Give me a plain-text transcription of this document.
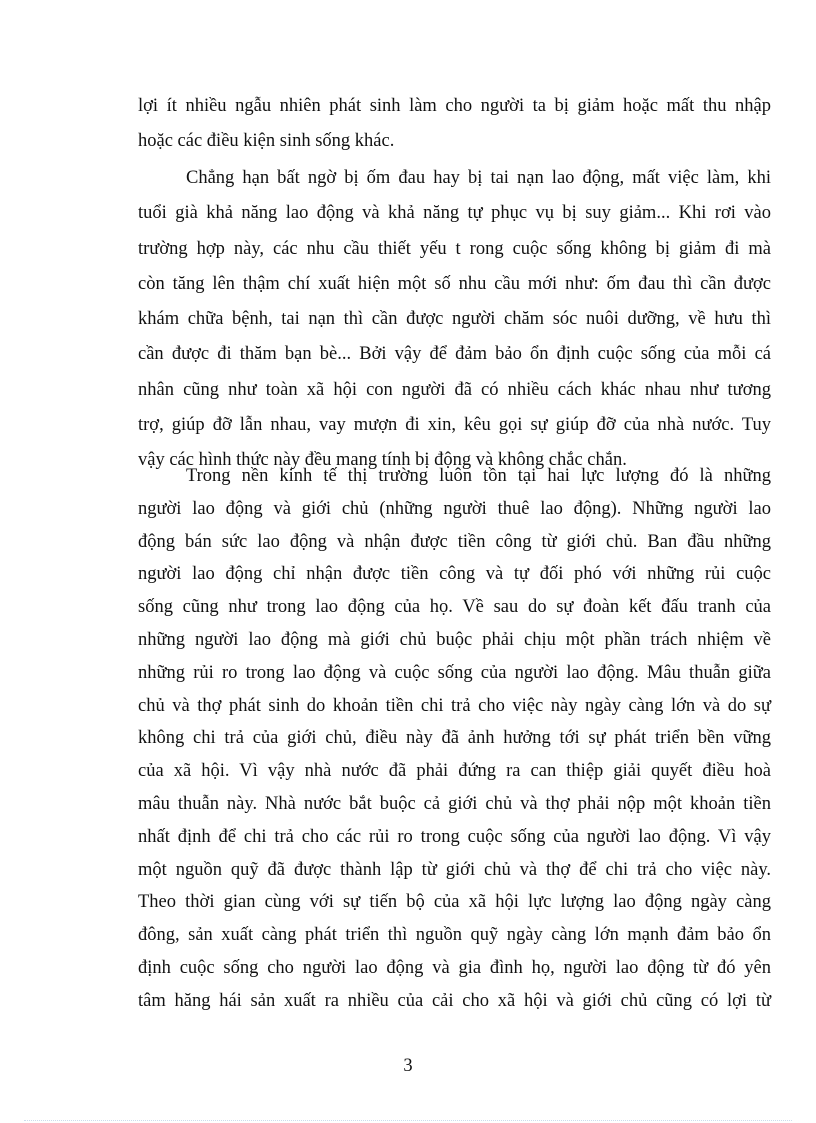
lợi ít nhiều ngẫu nhiên phát sinh làm cho người ta bị giảm hoặc mất thu nhập
hoặc các điều kiện sinh sống khác.
Chẳng hạn bất ngờ bị ốm đau hay bị tai nạn lao động, mất việc làm, khi
tuổi già khả năng lao động và khả năng tự phục vụ bị suy giảm... Khi rơi vào
trường hợp này, các nhu cầu thiết yếu t rong cuộc sống không bị giảm đi mà
còn tăng lên thậm chí xuất hiện một số nhu cầu mới như: ốm đau thì cần được
khám chữa bệnh, tai nạn thì cần được người chăm sóc nuôi dưỡng, về hưu thì
cần được đi thăm bạn bè... Bởi vậy để đảm bảo ổn định cuộc sống của mỗi cá
nhân cũng như toàn xã hội con người đã có nhiều cách khác nhau như tương
trợ, giúp đỡ lẫn nhau, vay mượn đi xin, kêu gọi sự giúp đỡ của nhà nước. Tuy
vậy các hình thức này đều mang tính bị động và không chắc chắn.
Trong nền kinh tế thị trường luôn tồn tại hai lực lượng đó là những
người lao động và giới chủ (những người thuê lao động). Những người lao
động bán sức lao động và nhận được tiền công từ giới chủ. Ban đầu những
người lao động chỉ nhận được tiền công và tự đối phó với những rủi cuộc
sống cũng như trong lao động của họ. Về sau do sự đoàn kết đấu tranh của
những người lao động mà giới chủ buộc phải chịu một phần trách nhiệm về
những rủi ro trong lao động và cuộc sống của người lao động. Mâu thuẫn giữa
chủ và thợ phát sinh do khoản tiền chi trả cho việc này ngày càng lớn và do sự
không chi trả của giới chủ, điều này đã ảnh hưởng tới sự phát triển bền vững
của xã hội. Vì vậy nhà nước đã phải đứng ra can thiệp giải quyết điều hoà
mâu thuẫn này. Nhà nước bắt buộc cả giới chủ và thợ phải nộp một khoản tiền
nhất định để chi trả cho các rủi ro trong cuộc sống của người lao động. Vì vậy
một nguồn quỹ đã được thành lập từ giới chủ và thợ để chi trả cho việc này.
Theo thời gian cùng với sự tiến bộ của xã hội lực lượng lao động ngày càng
đông, sản xuất càng phát triển thì nguồn quỹ ngày càng lớn mạnh đảm bảo ổn
định cuộc sống cho người lao động và gia đình họ, người lao động từ đó yên
tâm hăng hái sản xuất ra nhiều của cải cho xã hội và giới chủ cũng có lợi từ
3
